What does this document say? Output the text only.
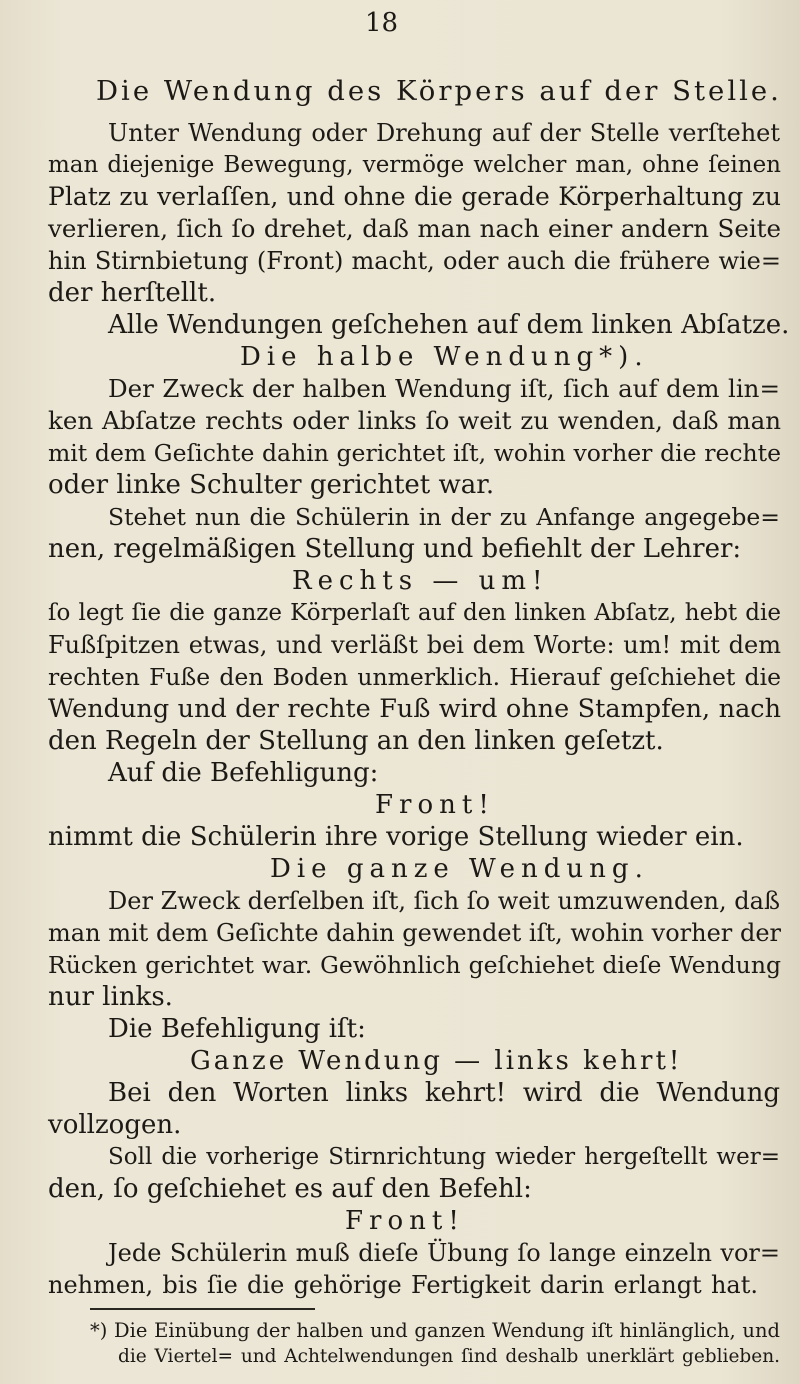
18
Die Wendung des Körpers auf der Stelle.
Unter Wendung oder Drehung auf der Stelle verſtehet
man diejenige Bewegung, vermöge welcher man, ohne ſeinen
Platz zu verlaſſen, und ohne die gerade Körperhaltung zu
verlieren, ſich ſo drehet, daß man nach einer andern Seite
hin Stirnbietung (Front) macht, oder auch die frühere wie=
der herſtellt.
Alle Wendungen geſchehen auf dem linken Abſatze.
Die halbe Wendung*).
Der Zweck der halben Wendung iſt, ſich auf dem lin=
ken Abſatze rechts oder links ſo weit zu wenden, daß man
mit dem Geſichte dahin gerichtet iſt, wohin vorher die rechte
oder linke Schulter gerichtet war.
Stehet nun die Schülerin in der zu Anfange angegebe=
nen, regelmäßigen Stellung und befiehlt der Lehrer:
Rechts — um!
ſo legt ſie die ganze Körperlaſt auf den linken Abſatz, hebt die
Fußſpitzen etwas, und verläßt bei dem Worte: um! mit dem
rechten Fuße den Boden unmerklich. Hierauf geſchiehet die
Wendung und der rechte Fuß wird ohne Stampfen, nach
den Regeln der Stellung an den linken geſetzt.
Auf die Befehligung:
Front!
nimmt die Schülerin ihre vorige Stellung wieder ein.
Die ganze Wendung.
Der Zweck derſelben iſt, ſich ſo weit umzuwenden, daß
man mit dem Geſichte dahin gewendet iſt, wohin vorher der
Rücken gerichtet war. Gewöhnlich geſchiehet dieſe Wendung
nur links.
Die Befehligung iſt:
Ganze Wendung — links kehrt!
Bei den Worten links kehrt! wird die Wendung
vollzogen.
Soll die vorherige Stirnrichtung wieder hergeſtellt wer=
den, ſo geſchiehet es auf den Befehl:
Front!
Jede Schülerin muß dieſe Übung ſo lange einzeln vor=
nehmen, bis ſie die gehörige Fertigkeit darin erlangt hat.
*) Die Einübung der halben und ganzen Wendung iſt hinlänglich, und
die Viertel= und Achtelwendungen ſind deshalb unerklärt geblieben.
